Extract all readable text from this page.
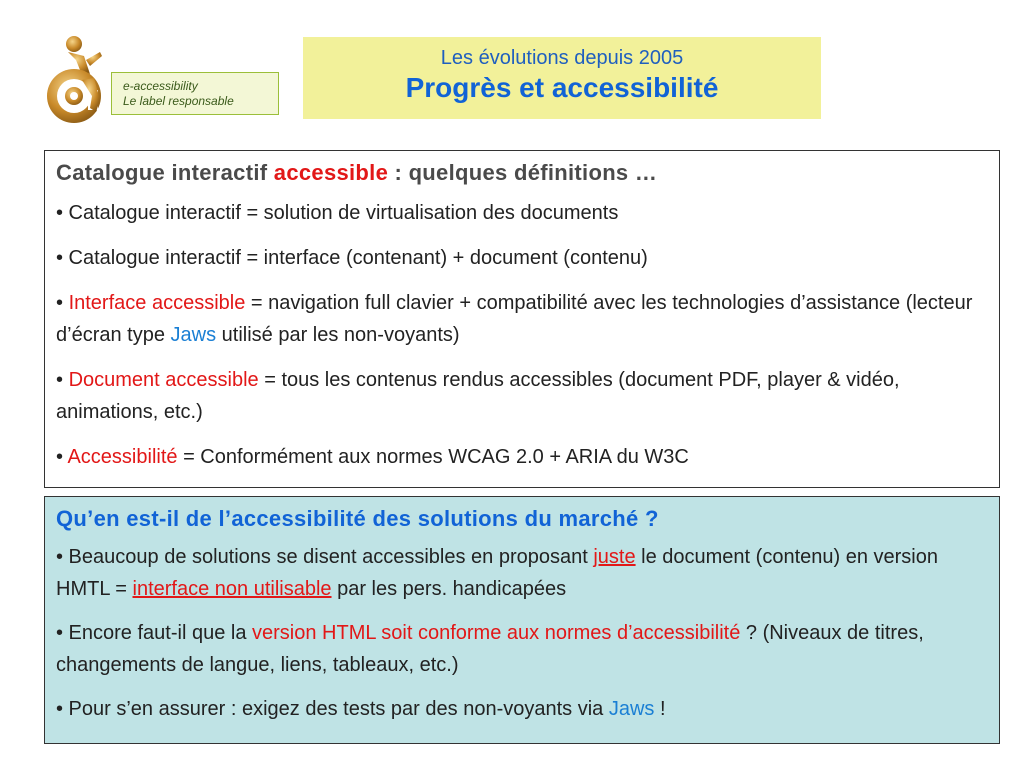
e-accessibility
Le label responsable
Les évolutions depuis 2005
Progrès et accessibilité
Catalogue interactif accessible : quelques définitions …
• Catalogue interactif = solution de virtualisation des documents
• Catalogue interactif = interface (contenant) + document (contenu)
• Interface accessible = navigation full clavier + compatibilité avec les technologies d’assistance (lecteur d’écran type Jaws utilisé par les non-voyants)
• Document accessible = tous les contenus rendus accessibles (document PDF, player & vidéo, animations, etc.)
• Accessibilité = Conformément aux normes WCAG 2.0 + ARIA du W3C
Qu’en est-il de l’accessibilité des solutions du marché ?
• Beaucoup de solutions se disent accessibles en proposant juste le document (contenu) en version HMTL = interface non utilisable par les pers. handicapées
• Encore faut-il que la version HTML soit conforme aux normes d’accessibilité ? (Niveaux de titres, changements de langue, liens, tableaux, etc.)
• Pour s’en assurer : exigez des tests par des non-voyants via Jaws !
